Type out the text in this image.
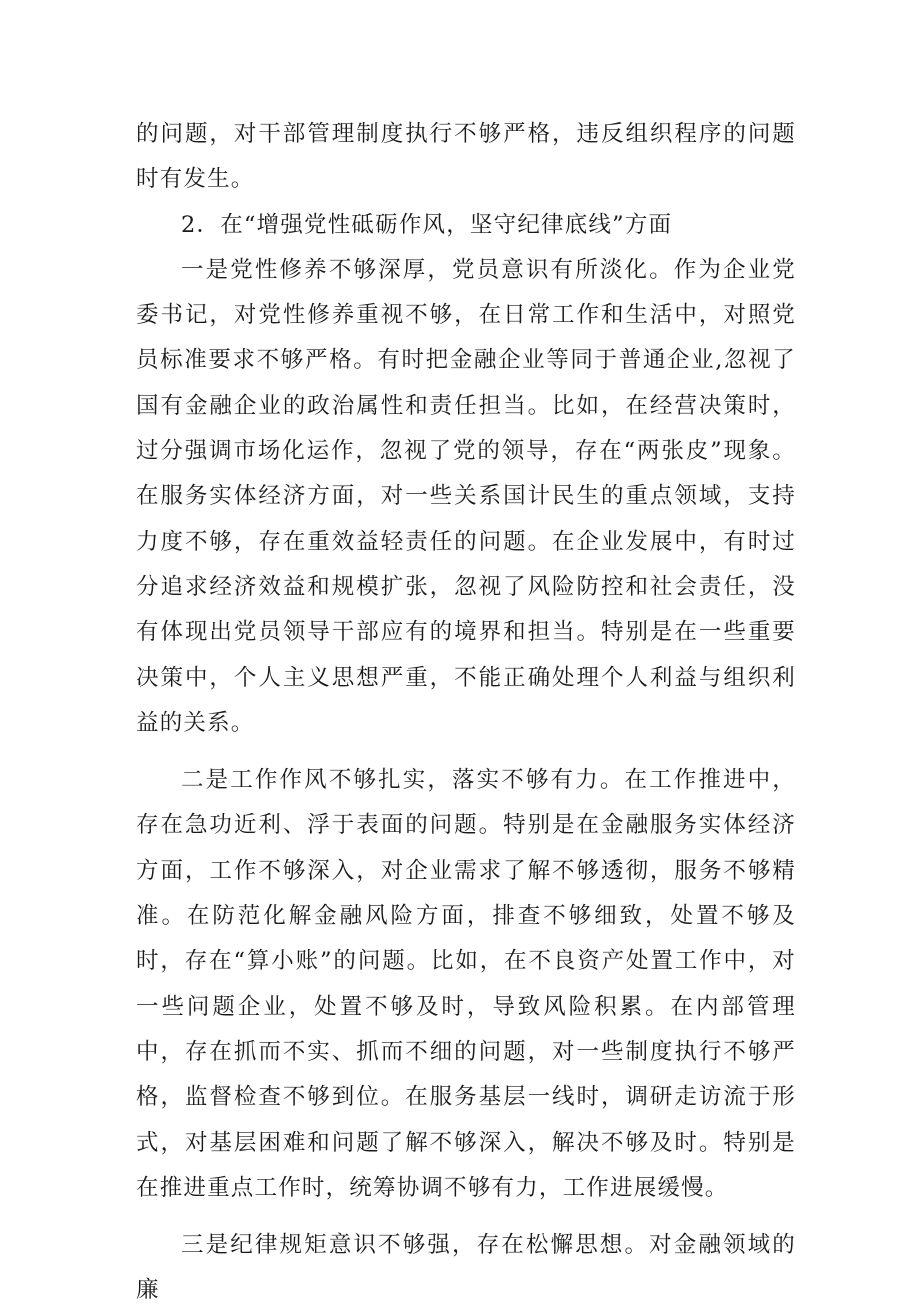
的问题，对干部管理制度执行不够严格，违反组织程序的问题时有发生。

2．在“增强党性砥砺作风，坚守纪律底线”方面

一是党性修养不够深厚，党员意识有所淡化。作为企业党委书记，对党性修养重视不够，在日常工作和生活中，对照党员标准要求不够严格。有时把金融企业等同于普通企业,忽视了国有金融企业的政治属性和责任担当。比如，在经营决策时，过分强调市场化运作，忽视了党的领导，存在“两张皮”现象。在服务实体经济方面，对一些关系国计民生的重点领域，支持力度不够，存在重效益轻责任的问题。在企业发展中，有时过分追求经济效益和规模扩张，忽视了风险防控和社会责任，没有体现出党员领导干部应有的境界和担当。特别是在一些重要决策中，个人主义思想严重，不能正确处理个人利益与组织利益的关系。

二是工作作风不够扎实，落实不够有力。在工作推进中，存在急功近利、浮于表面的问题。特别是在金融服务实体经济方面，工作不够深入，对企业需求了解不够透彻，服务不够精准。在防范化解金融风险方面，排查不够细致，处置不够及时，存在“算小账”的问题。比如，在不良资产处置工作中，对一些问题企业，处置不够及时，导致风险积累。在内部管理中，存在抓而不实、抓而不细的问题，对一些制度执行不够严格，监督检查不够到位。在服务基层一线时，调研走访流于形式，对基层困难和问题了解不够深入，解决不够及时。特别是在推进重点工作时，统筹协调不够有力，工作进展缓慢。

三是纪律规矩意识不够强，存在松懈思想。对金融领域的廉
